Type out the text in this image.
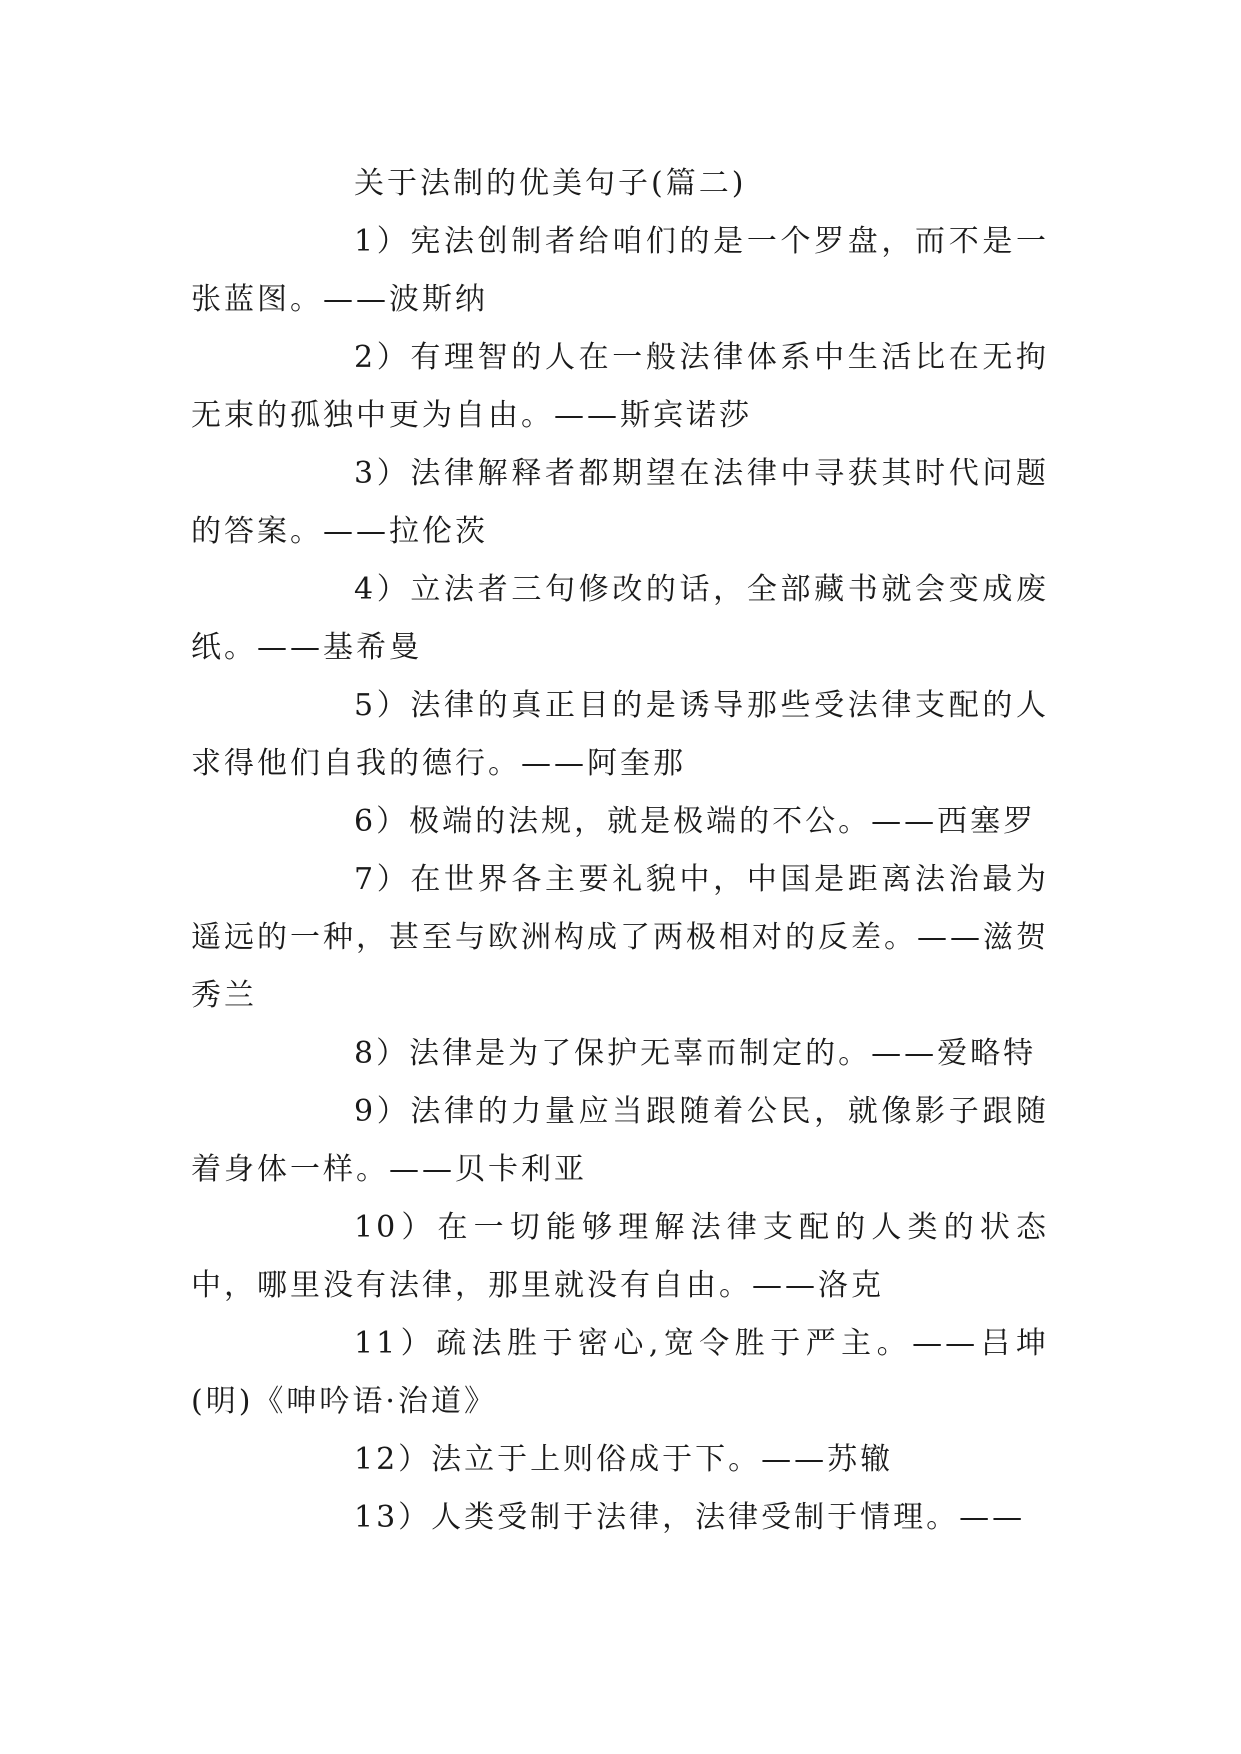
关于法制的优美句子(篇二)

1）宪法创制者给咱们的是一个罗盘，而不是一张蓝图。——波斯纳

2）有理智的人在一般法律体系中生活比在无拘无束的孤独中更为自由。——斯宾诺莎

3）法律解释者都期望在法律中寻获其时代问题的答案。——拉伦茨

4）立法者三句修改的话，全部藏书就会变成废纸。——基希曼

5）法律的真正目的是诱导那些受法律支配的人求得他们自我的德行。——阿奎那

6）极端的法规，就是极端的不公。——西塞罗

7）在世界各主要礼貌中，中国是距离法治最为遥远的一种，甚至与欧洲构成了两极相对的反差。——滋贺秀兰

8）法律是为了保护无辜而制定的。——爱略特

9）法律的力量应当跟随着公民，就像影子跟随着身体一样。——贝卡利亚

10）在一切能够理解法律支配的人类的状态中，哪里没有法律，那里就没有自由。——洛克

11）疏法胜于密心,宽令胜于严主。——吕坤(明)《呻吟语·治道》

12）法立于上则俗成于下。——苏辙

13）人类受制于法律，法律受制于情理。——
